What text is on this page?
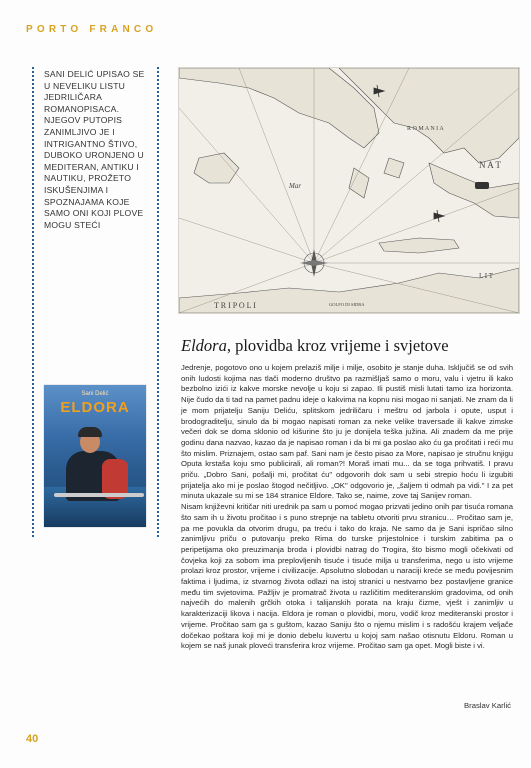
PORTO FRANCO
SANI DELIĆ UPISAO SE U NEVELIKU LISTU JEDRILIČARA ROMANOPISACA. NJEGOV PUTOPIS ZANIMLJIVO JE I INTRIGANTNO ŠTIVO, DUBOKO URONJENO U MEDITERAN, ANTIKU I NAUTIKU, PROŽETO ISKUŠENJIMA I SPOZNAJAMA KOJE SAMO ONI KOJI PLOVE MOGU STEĆI
Sani Delić
ELDORA
R O M A N I A
N A T
T R I P O L I
L I T
GOLFO DI SIDRA
Mar
Eldora, plovidba kroz vrijeme i svjetove

Jedrenje, pogotovo ono u kojem prelaziš milje i milje, osobito je stanje duha. Isključiš se od svih onih ludosti kojima nas tlači moderno društvo pa razmišljaš samo o moru, valu i vjetru ili kako bezbolno izići iz kakve morske nevolje u koju si zapao. Ili pustiš misli lutati tamo iza horizonta. Nije čudo da ti tad na pamet padnu ideje o kakvima na kopnu nisi mogao ni sanjati. Ne znam da li je mom prijatelju Saniju Deliću, splitskom jedriličaru i meštru od jarbola i opute, usput i brodograditelju, sinulo da bi mogao napisati roman za neke velike traversade ili kakve zimske večeri dok se doma sklonio od kišurine što ju je donijela teška južina. Ali znadem da me prije godinu dana nazvao, kazao da je napisao roman i da bi mi ga poslao ako ću ga pročitati i reći mu što mislim. Priznajem, ostao sam paf. Sani nam je često pisao za More, napisao je stručnu knjigu Oputa krstaša koju smo publicirali, ali roman?! Moraš imati mu... da se toga prihvatiš. I pravu priču. „Dobro Sani, pošalji mi, pročitat ću" odgovorih dok sam u sebi strepio hoću li izgubiti prijatelja ako mi je poslao štogod nečitljivo. „OK" odgovorio je, „šaljem ti odmah pa vidi." I za pet minuta ukazale su mi se 184 stranice Eldore. Tako se, naime, zove taj Sanijev roman.

Nisam književni kritičar niti urednik pa sam u pomoć mogao prizvati jedino onih par tisuća romana što sam ih u životu pročitao i s puno strepnje na tabletu otvoriti prvu stranicu… Pročitao sam je, pa me povukla da otvorim drugu, pa treću i tako do kraja. Ne samo da je Sani ispričao silno zanimljivu priču o putovanju preko Rima do turske prijestolnice i turskim zabitima pa o peripetijama oko preuzimanja broda i plovidbi natrag do Trogira, što bismo mogli očekivati od čovjeka koji za sobom ima preplovljenih tisuće i tisuće milja u transferima, nego u isto vrijeme prolazi kroz prostor, vrijeme i civilizacije. Apsolutno slobodan u naraciji kreće se među povijesnim faktima i ljudima, iz stvarnog života odlazi na istoj stranici u nestvarno bez postavljene granice među tim svjetovima. Pažljiv je promatrač života u različitim mediteranskim gradovima, od onih najvećih do malenih grčkih otoka i talijanskih porata na kraju čizme, vješt i zanimljiv u karakterizaciji likova i nacija. Eldora je roman o plovidbi, moru, vodič kroz mediteranski prostor i vrijeme. Pročitao sam ga s guštom, kazao Saniju što o njemu mislim i s radošću krajem veljače dočekao poštara koji mi je donio debelu kuvertu u kojoj sam našao otisnutu Eldoru. Roman u kojem se naš junak ploveći transferira kroz vrijeme. Pročitao sam ga opet. Mogli biste i vi.

Braslav Karlić
40
